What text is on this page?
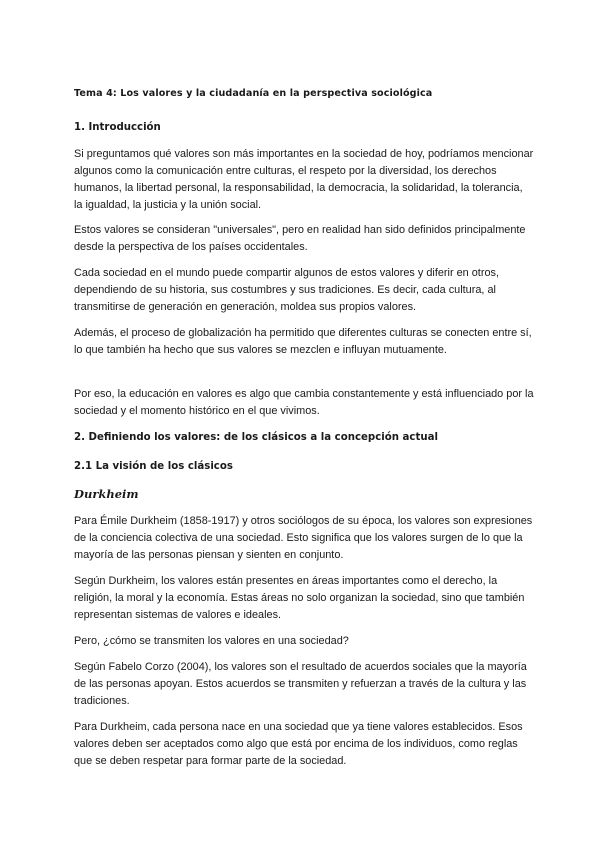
Tema 4: Los valores y la ciudadanía en la perspectiva sociológica
1. Introducción

Si preguntamos qué valores son más importantes en la sociedad de hoy, podríamos mencionar algunos como la comunicación entre culturas, el respeto por la diversidad, los derechos humanos, la libertad personal, la responsabilidad, la democracia, la solidaridad, la tolerancia, la igualdad, la justicia y la unión social.

Estos valores se consideran "universales", pero en realidad han sido definidos principalmente desde la perspectiva de los países occidentales.

Cada sociedad en el mundo puede compartir algunos de estos valores y diferir en otros, dependiendo de su historia, sus costumbres y sus tradiciones. Es decir, cada cultura, al transmitirse de generación en generación, moldea sus propios valores.

Además, el proceso de globalización ha permitido que diferentes culturas se conecten entre sí, lo que también ha hecho que sus valores se mezclen e influyan mutuamente.

Por eso, la educación en valores es algo que cambia constantemente y está influenciado por la sociedad y el momento histórico en el que vivimos.

2. Definiendo los valores: de los clásicos a la concepción actual
2.1 La visión de los clásicos
Durkheim

Para Émile Durkheim (1858-1917) y otros sociólogos de su época, los valores son expresiones de la conciencia colectiva de una sociedad. Esto significa que los valores surgen de lo que la mayoría de las personas piensan y sienten en conjunto.

Según Durkheim, los valores están presentes en áreas importantes como el derecho, la religión, la moral y la economía. Estas áreas no solo organizan la sociedad, sino que también representan sistemas de valores e ideales.

Pero, ¿cómo se transmiten los valores en una sociedad?

Según Fabelo Corzo (2004), los valores son el resultado de acuerdos sociales que la mayoría de las personas apoyan. Estos acuerdos se transmiten y refuerzan a través de la cultura y las tradiciones.

Para Durkheim, cada persona nace en una sociedad que ya tiene valores establecidos. Esos valores deben ser aceptados como algo que está por encima de los individuos, como reglas que se deben respetar para formar parte de la sociedad.
